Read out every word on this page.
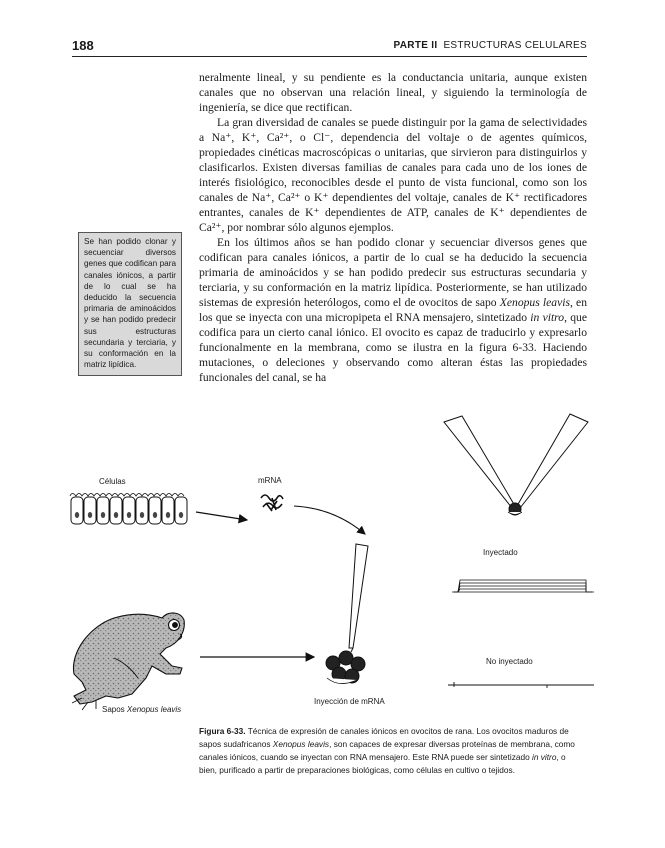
188	PARTE II ESTRUCTURAS CELULARES

neralmente lineal, y su pendiente es la conductancia unitaria, aunque existen canales que no observan una relación lineal, y siguiendo la terminología de ingeniería, se dice que rectifican.

La gran diversidad de canales se puede distinguir por la gama de selectividades a Na⁺, K⁺, Ca²⁺, o Cl⁻, dependencia del voltaje o de agentes químicos, propiedades cinéticas macroscópicas o unitarias, que sirvieron para distinguirlos y clasificarlos. Existen diversas familias de canales para cada uno de los iones de interés fisiológico, reconocibles desde el punto de vista funcional, como son los canales de Na⁺, Ca²⁺ o K⁺ dependientes del voltaje, canales de K⁺ rectificadores entrantes, canales de K⁺ dependientes de ATP, canales de K⁺ dependientes de Ca²⁺, por nombrar sólo algunos ejemplos.

En los últimos años se han podido clonar y secuenciar diversos genes que codifican para canales iónicos, a partir de lo cual se ha deducido la secuencia primaria de aminoácidos y se han podido predecir sus estructuras secundaria y terciaria, y su conformación en la matriz lipídica. Posteriormente, se han utilizado sistemas de expresión heterólogos, como el de ovocitos de sapo Xenopus leavis, en los que se inyecta con una micropipeta el RNA mensajero, sintetizado in vitro, que codifica para un cierto canal iónico. El ovocito es capaz de traducirlo y expresarlo funcionalmente en la membrana, como se ilustra en la figura 6-33. Haciendo mutaciones, o deleciones y observando como alteran éstas las propiedades funcionales del canal, se ha

Se han podido clonar y secuenciar diversos genes que codifican para canales iónicos, a partir de lo cual se ha deducido la secuencia primaria de aminoácidos y se han podido predecir sus estructuras secundaria y terciaria, y su conformación en la matriz lipídica.
Células	mRNA
Inyectado
No inyectado
Inyección de mRNA
Sapos Xenopus leavis
Figura 6-33. Técnica de expresión de canales iónicos en ovocitos de rana. Los ovocitos maduros de sapos sudafricanos Xenopus leavis, son capaces de expresar diversas proteínas de membrana, como canales iónicos, cuando se inyectan con RNA mensajero. Este RNA puede ser sintetizado in vitro, o bien, purificado a partir de preparaciones biológicas, como células en cultivo o tejidos.
